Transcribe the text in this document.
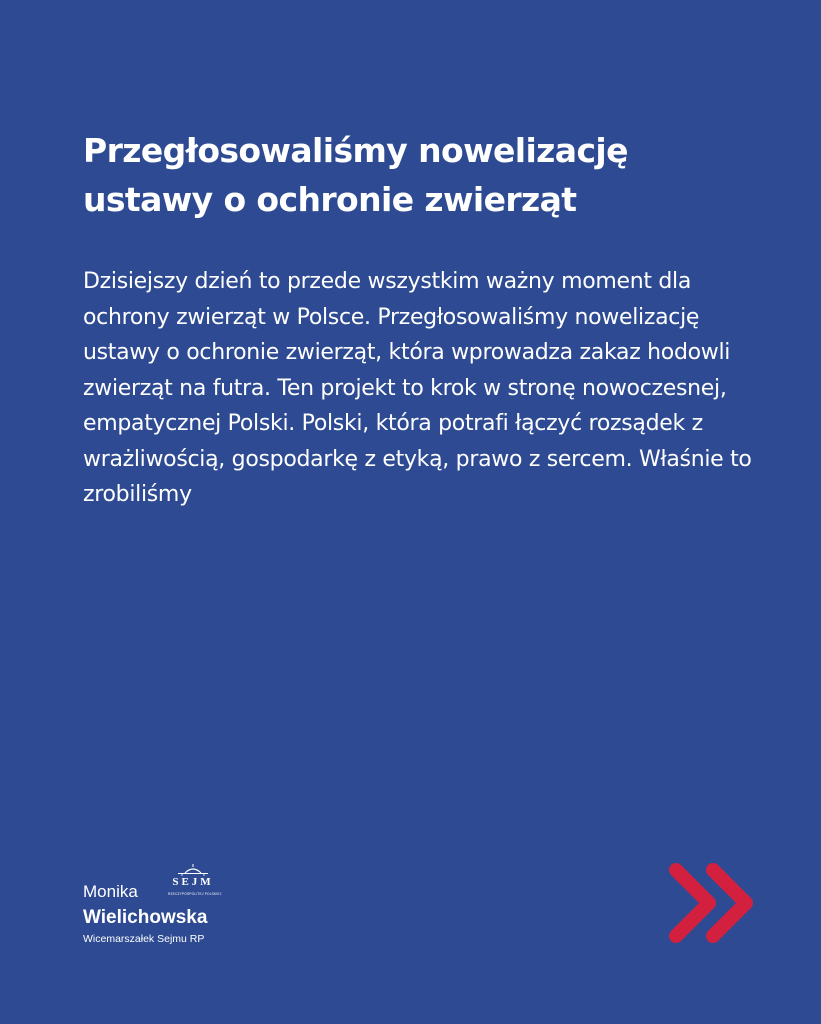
Przegłosowaliśmy nowelizację ustawy o ochronie zwierząt

Dzisiejszy dzień to przede wszystkim ważny moment dla ochrony zwierząt w Polsce. Przegłosowaliśmy nowelizację ustawy o ochronie zwierząt, która wprowadza zakaz hodowli zwierząt na futra. Ten projekt to krok w stronę nowoczesnej, empatycznej Polski. Polski, która potrafi łączyć rozsądek z wrażliwością, gospodarkę z etyką, prawo z sercem. Właśnie to zrobiliśmy

Monika
Wielichowska
Wicemarszałek Sejmu RP
SEJM
RZECZYPOSPOLITEJ POLSKIEJ
